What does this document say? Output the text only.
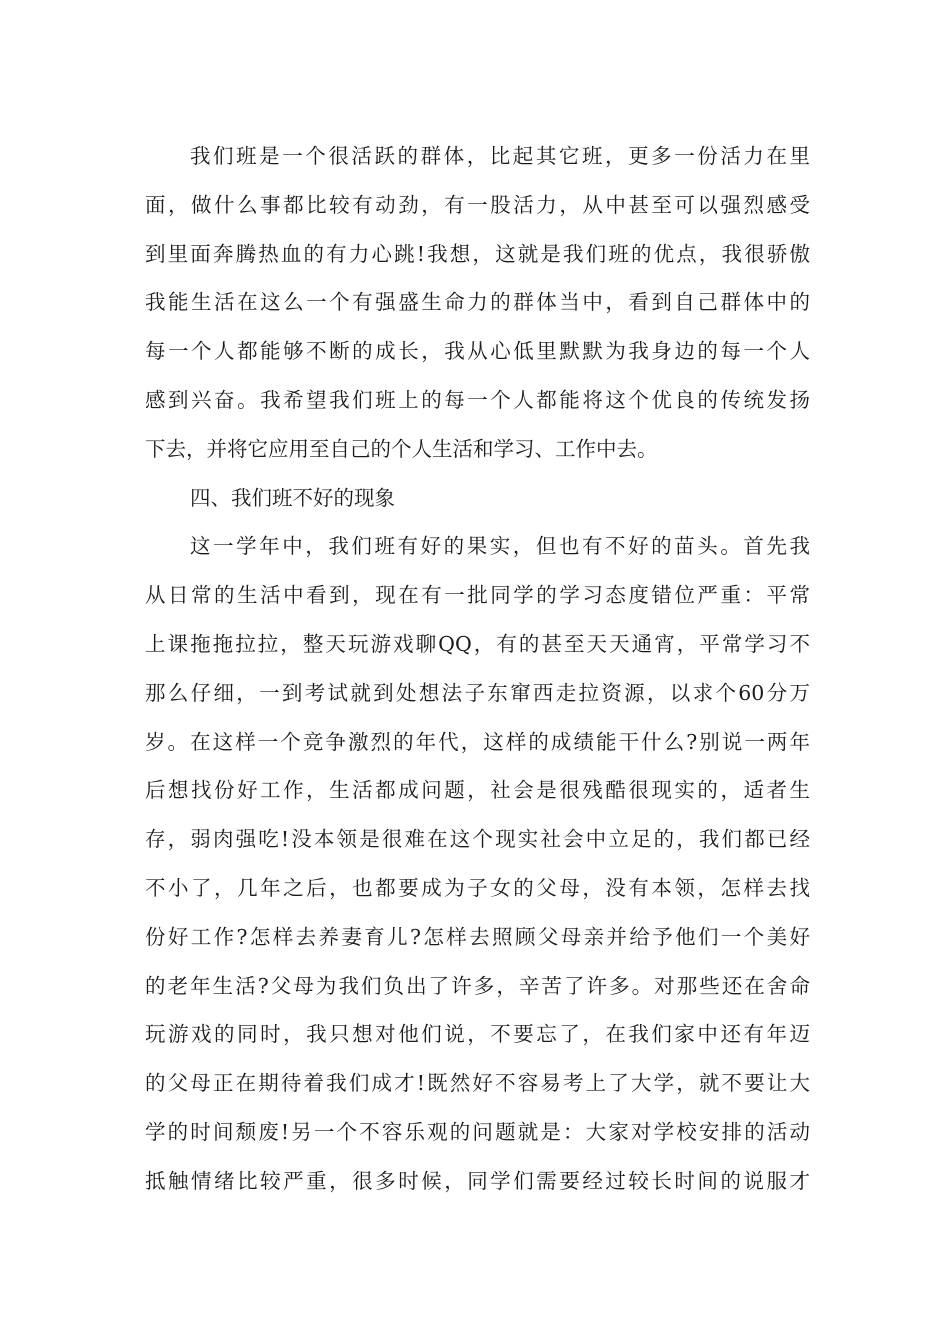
我们班是一个很活跃的群体，比起其它班，更多一份活力在里
面，做什么事都比较有动劲，有一股活力，从中甚至可以强烈感受
到里面奔腾热血的有力心跳!我想，这就是我们班的优点，我很骄傲
我能生活在这么一个有强盛生命力的群体当中，看到自己群体中的
每一个人都能够不断的成长，我从心低里默默为我身边的每一个人
感到兴奋。我希望我们班上的每一个人都能将这个优良的传统发扬
下去，并将它应用至自己的个人生活和学习、工作中去。
四、我们班不好的现象
这一学年中，我们班有好的果实，但也有不好的苗头。首先我
从日常的生活中看到，现在有一批同学的学习态度错位严重：平常
上课拖拖拉拉，整天玩游戏聊QQ，有的甚至天天通宵，平常学习不
那么仔细，一到考试就到处想法子东窜西走拉资源，以求个60分万
岁。在这样一个竞争激烈的年代，这样的成绩能干什么?别说一两年
后想找份好工作，生活都成问题，社会是很残酷很现实的，适者生
存，弱肉强吃!没本领是很难在这个现实社会中立足的，我们都已经
不小了，几年之后，也都要成为子女的父母，没有本领，怎样去找
份好工作?怎样去养妻育儿?怎样去照顾父母亲并给予他们一个美好
的老年生活?父母为我们负出了许多，辛苦了许多。对那些还在舍命
玩游戏的同时，我只想对他们说，不要忘了，在我们家中还有年迈
的父母正在期待着我们成才!既然好不容易考上了大学，就不要让大
学的时间颓废!另一个不容乐观的问题就是：大家对学校安排的活动
抵触情绪比较严重，很多时候，同学们需要经过较长时间的说服才
